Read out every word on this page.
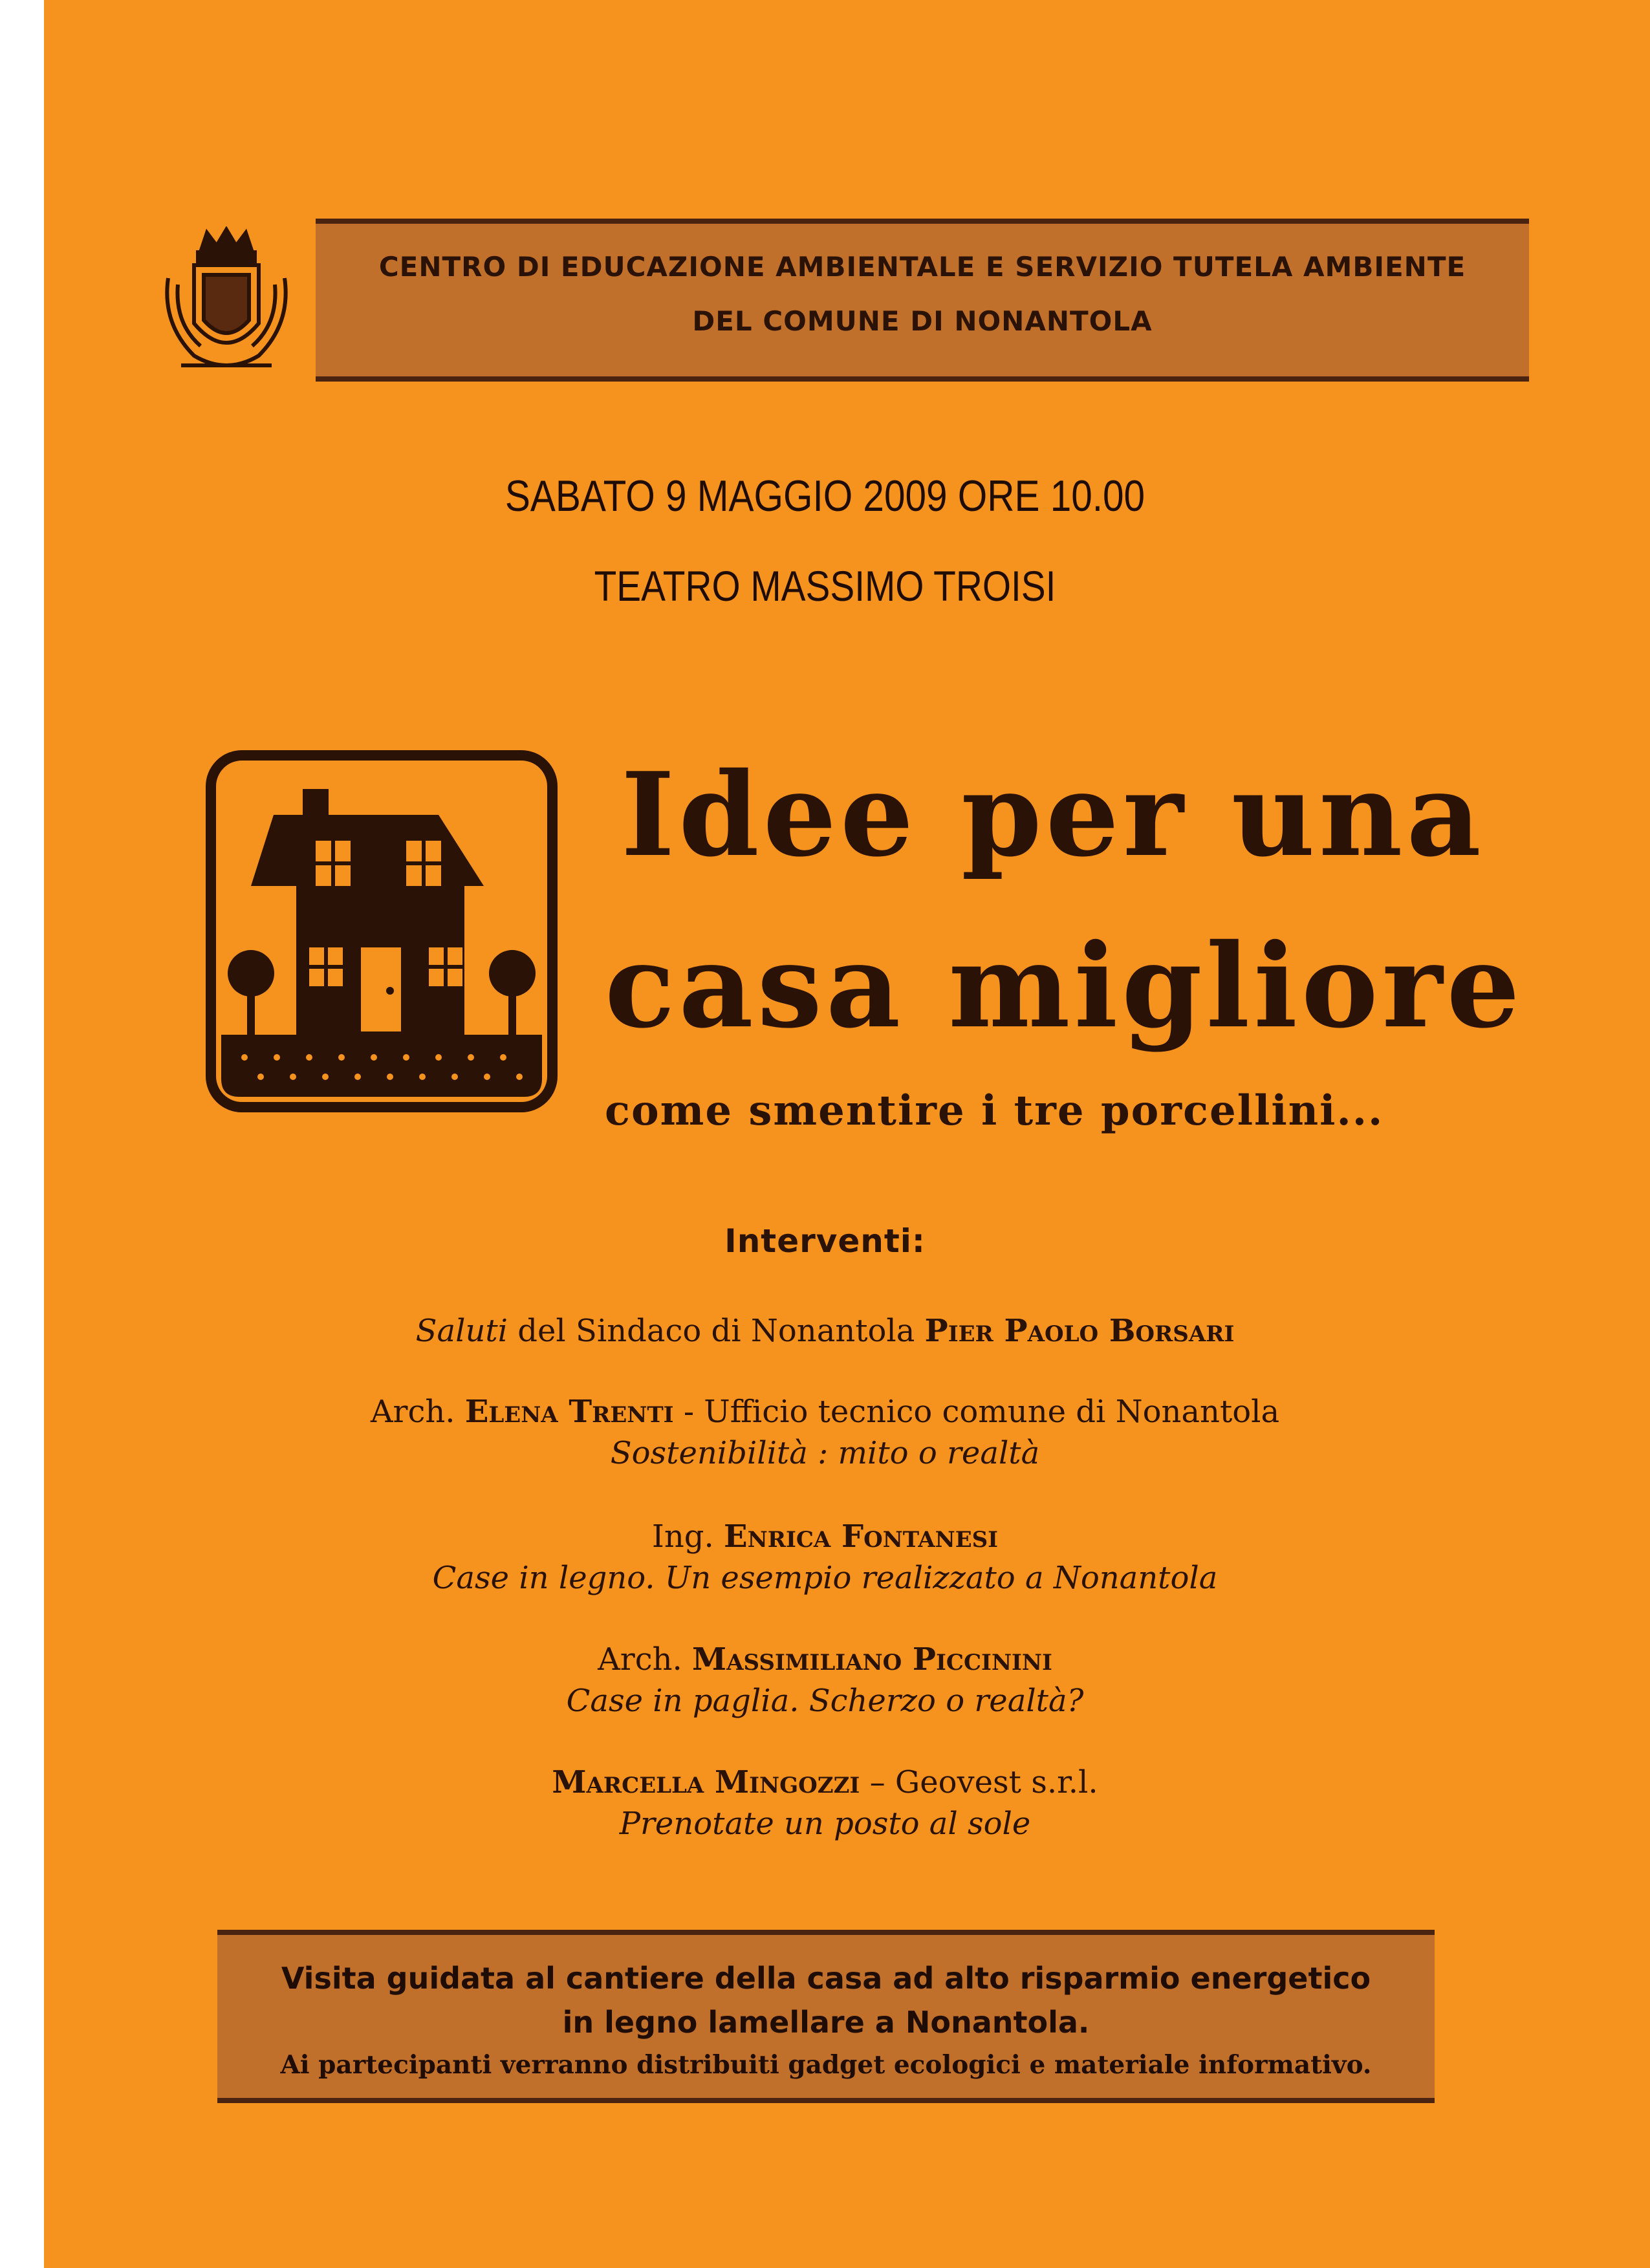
CENTRO DI EDUCAZIONE AMBIENTALE E SERVIZIO TUTELA AMBIENTE
DEL COMUNE DI NONANTOLA
SABATO 9 MAGGIO 2009 ORE 10.00
TEATRO MASSIMO TROISI
Idee per una
casa migliore
come smentire i tre porcellini...
Interventi:
Saluti del Sindaco di Nonantola Pier Paolo Borsari
Arch. Elena Trenti - Ufficio tecnico comune di Nonantola
Sostenibilità : mito o realtà
Ing. Enrica Fontanesi
Case in legno. Un esempio realizzato a Nonantola
Arch. Massimiliano Piccinini
Case in paglia. Scherzo o realtà?
Marcella Mingozzi – Geovest s.r.l.
Prenotate un posto al sole
Visita guidata al cantiere della casa ad alto risparmio energetico
in legno lamellare a Nonantola.
Ai partecipanti verranno distribuiti gadget ecologici e materiale informativo.
